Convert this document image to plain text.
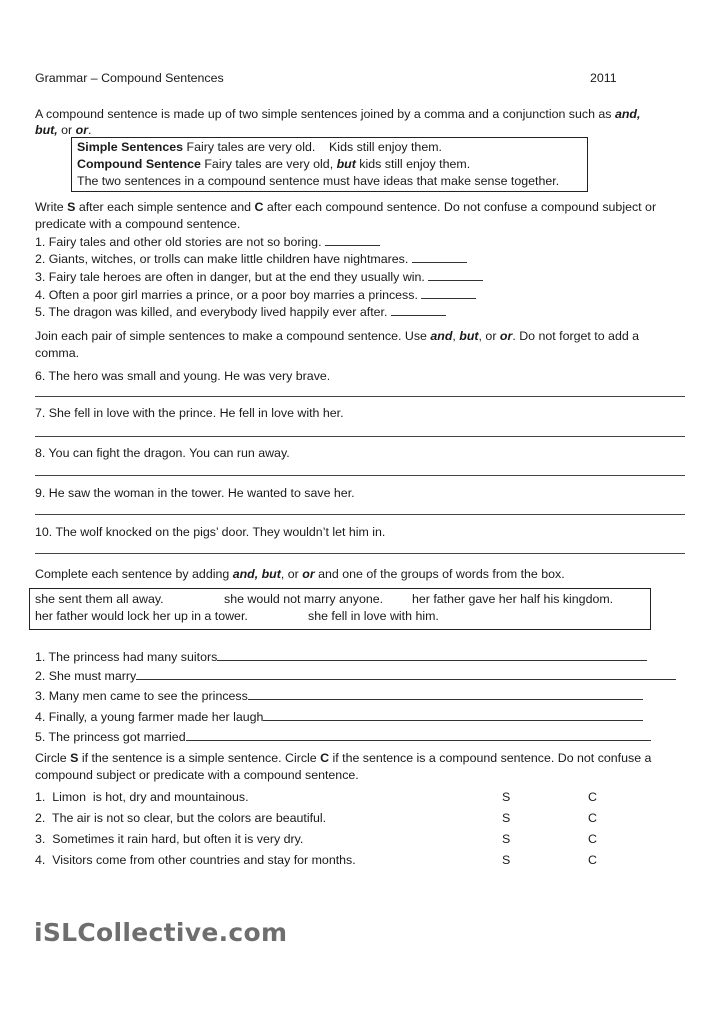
Grammar – Compound Sentences	2011
A compound sentence is made up of two simple sentences joined by a comma and a conjunction such as and,
but, or or.
Simple Sentences Fairy tales are very old.    Kids still enjoy them.
Compound Sentence Fairy tales are very old, but kids still enjoy them.
The two sentences in a compound sentence must have ideas that make sense together.
Write S after each simple sentence and C after each compound sentence. Do not confuse a compound subject or
predicate with a compound sentence.
1. Fairy tales and other old stories are not so boring.
2. Giants, witches, or trolls can make little children have nightmares.
3. Fairy tale heroes are often in danger, but at the end they usually win.
4. Often a poor girl marries a prince, or a poor boy marries a princess.
5. The dragon was killed, and everybody lived happily ever after.
Join each pair of simple sentences to make a compound sentence. Use and, but, or or. Do not forget to add a
comma.
6. The hero was small and young. He was very brave.
7. She fell in love with the prince. He fell in love with her.
8. You can fight the dragon. You can run away.
9. He saw the woman in the tower. He wanted to save her.
10. The wolf knocked on the pigs’ door. They wouldn’t let him in.
Complete each sentence by adding and, but, or or and one of the groups of words from the box.
she sent them all away.	she would not marry anyone. her father gave her half his kingdom.
her father would lock her up in a tower.	she fell in love with him.
1. The princess had many suitors
2. She must marry
3. Many men came to see the princess
4. Finally, a young farmer made her laugh
5. The princess got married
Circle S if the sentence is a simple sentence. Circle C if the sentence is a compound sentence. Do not confuse a
compound subject or predicate with a compound sentence.
1.  Limon  is hot, dry and mountainous.	S	C
2.  The air is not so clear, but the colors are beautiful.	S	C
3.  Sometimes it rain hard, but often it is very dry.	S	C
4.  Visitors come from other countries and stay for months.	S	C
iSLCollective.com
